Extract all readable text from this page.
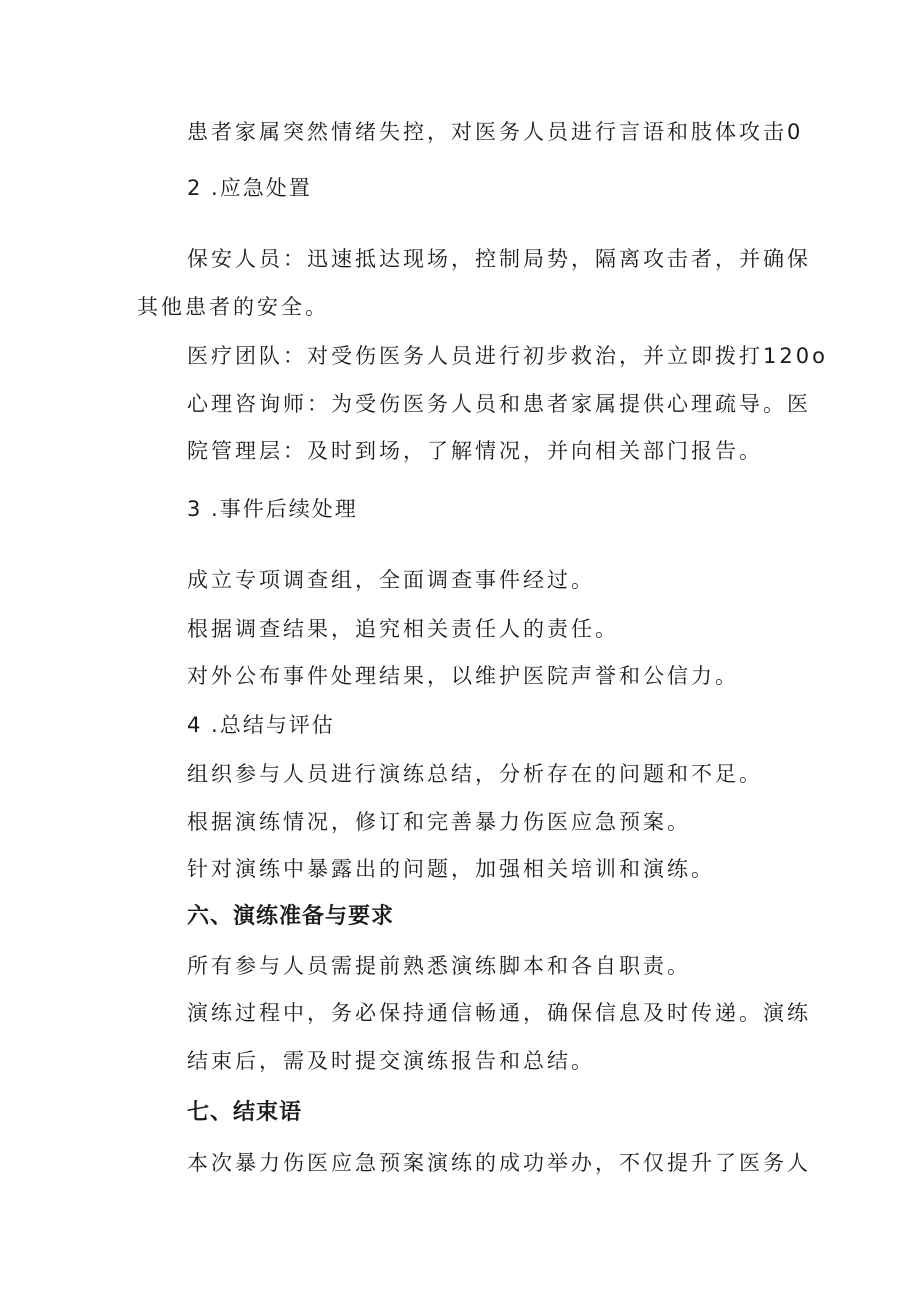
患者家属突然情绪失控，对医务人员进行言语和肢体攻击0
2 .应急处置
保安人员：迅速抵达现场，控制局势，隔离攻击者，并确保
其他患者的安全。
医疗团队：对受伤医务人员进行初步救治，并立即拨打120o
心理咨询师：为受伤医务人员和患者家属提供心理疏导。医
院管理层：及时到场，了解情况，并向相关部门报告。
3 .事件后续处理
成立专项调查组，全面调查事件经过。
根据调查结果，追究相关责任人的责任。
对外公布事件处理结果，以维护医院声誉和公信力。
4 .总结与评估
组织参与人员进行演练总结，分析存在的问题和不足。
根据演练情况，修订和完善暴力伤医应急预案。
针对演练中暴露出的问题，加强相关培训和演练。
六、演练准备与要求
所有参与人员需提前熟悉演练脚本和各自职责。
演练过程中，务必保持通信畅通，确保信息及时传递。演练
结束后，需及时提交演练报告和总结。
七、结束语
本次暴力伤医应急预案演练的成功举办，不仅提升了医务人
